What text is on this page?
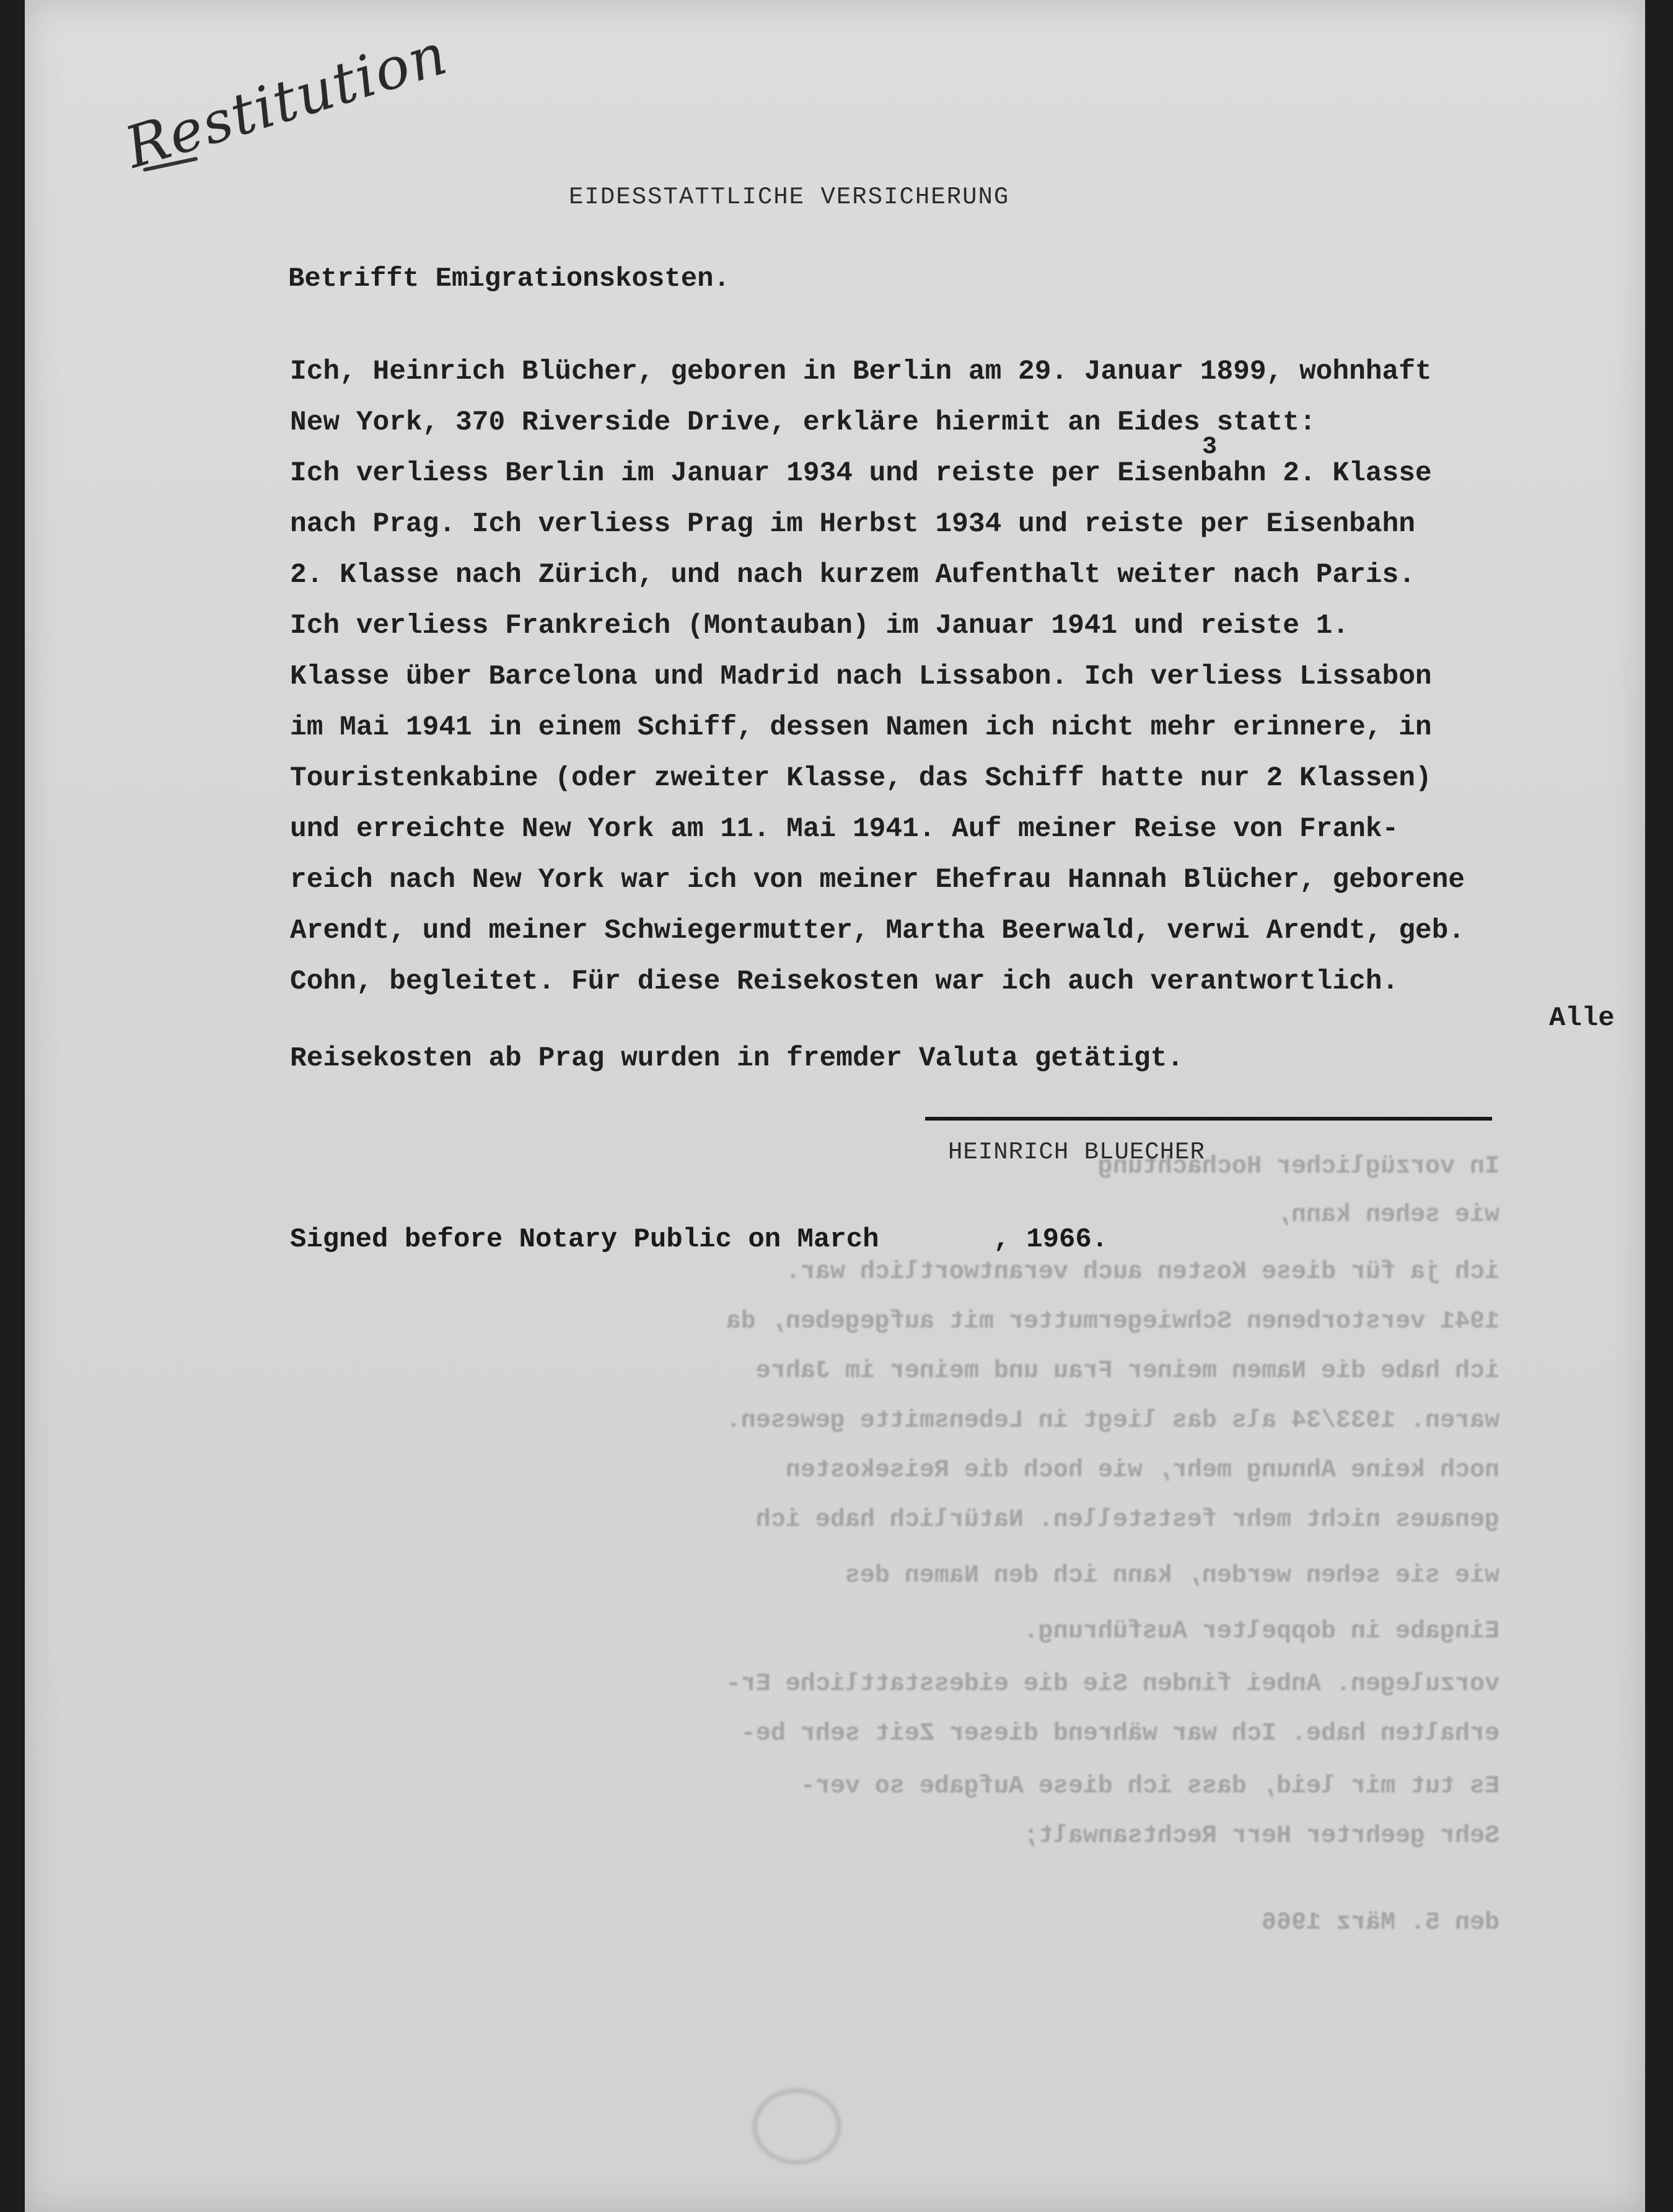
Restitution
EIDESSTATTLICHE VERSICHERUNG
Betrifft Emigrationskosten.
Ich, Heinrich Blücher, geboren in Berlin am 29. Januar 1899, wohnhaft
New York, 370 Riverside Drive, erkläre hiermit an Eides statt:
Ich verliess Berlin im Januar 1934 und reiste per Eisenbahn 2. Klasse
3
nach Prag. Ich verliess Prag im Herbst 1934 und reiste per Eisenbahn
2. Klasse nach Zürich, und nach kurzem Aufenthalt weiter nach Paris.
Ich verliess Frankreich (Montauban) im Januar 1941 und reiste 1.
Klasse über Barcelona und Madrid nach Lissabon. Ich verliess Lissabon
im Mai 1941 in einem Schiff, dessen Namen ich nicht mehr erinnere, in
Touristenkabine (oder zweiter Klasse, das Schiff hatte nur 2 Klassen)
und erreichte New York am 11. Mai 1941. Auf meiner Reise von Frank-
reich nach New York war ich von meiner Ehefrau Hannah Blücher, geborene
Arendt, und meiner Schwiegermutter, Martha Beerwald, verwi Arendt, geb.
Cohn, begleitet. Für diese Reisekosten war ich auch verantwortlich.
Reisekosten ab Prag wurden in fremder Valuta getätigt.
Alle
HEINRICH BLUECHER
Signed before Notary Public on March       , 1966.
In vorzüglicher Hochachtung
wie sehen kann,
ich ja für diese Kosten auch verantwortlich war.
1941 verstorbenen Schwiegermutter mit aufgegeben, da
ich habe die Namen meiner Frau und meiner im Jahre
waren. 1933/34 als das liegt in Lebensmitte gewesen.
noch keine Ahnung mehr, wie hoch die Reisekosten
genaues nicht mehr feststellen. Natürlich habe ich
wie sie sehen werden, kann ich den Namen des
Eingabe in doppelter Ausführung.
vorzulegen. Anbei finden Sie die eidesstattliche Er-
erhalten habe. Ich war während dieser Zeit sehr be-
Es tut mir leid, dass ich diese Aufgabe so ver-
Sehr geehrter Herr Rechtsanwalt;
den 5. März 1966
